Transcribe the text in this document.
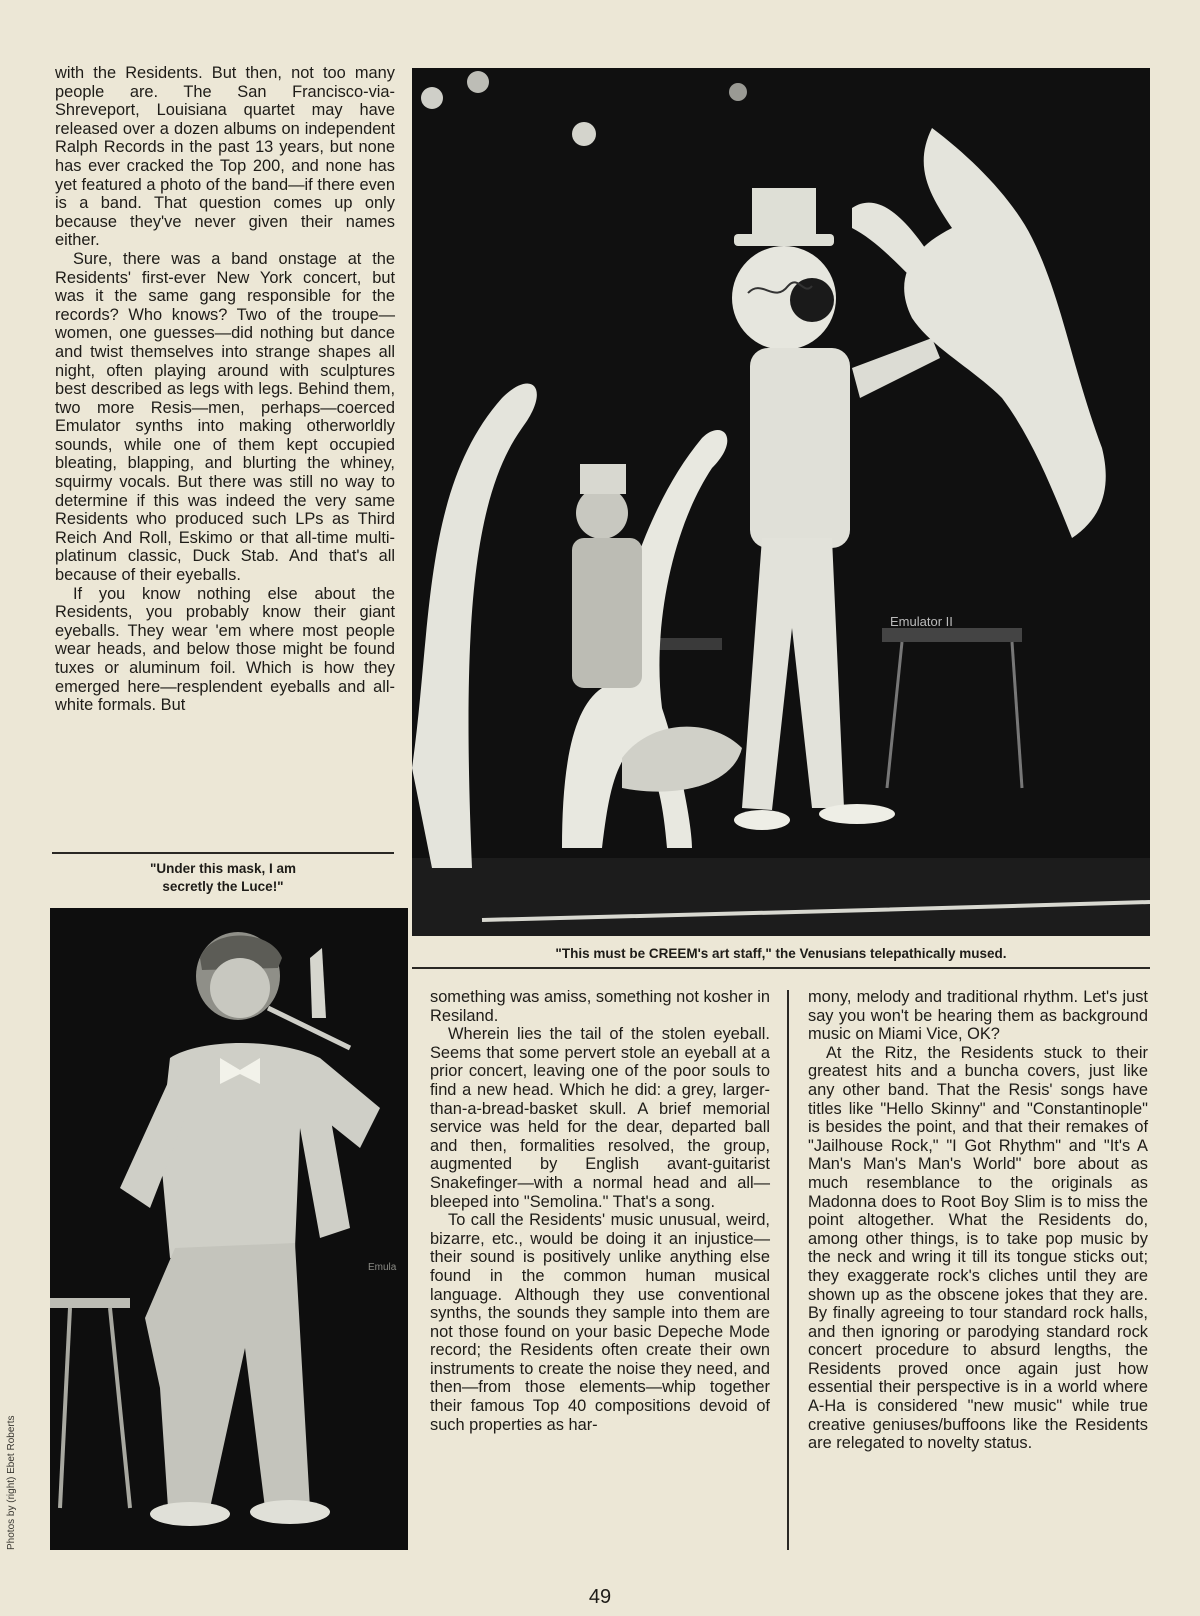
with the Residents. But then, not too many people are. The San Francisco-via-Shreveport, Louisiana quartet may have released over a dozen albums on independent Ralph Records in the past 13 years, but none has ever cracked the Top 200, and none has yet featured a photo of the band—if there even is a band. That question comes up only because they've never given their names either.

Sure, there was a band onstage at the Residents' first-ever New York concert, but was it the same gang responsible for the records? Who knows? Two of the troupe—women, one guesses—did nothing but dance and twist themselves into strange shapes all night, often playing around with sculptures best described as legs with legs. Behind them, two more Resis—men, perhaps—coerced Emulator synths into making otherworldly sounds, while one of them kept occupied bleating, blapping, and blurting the whiney, squirmy vocals. But there was still no way to determine if this was indeed the very same Residents who produced such LPs as Third Reich And Roll, Eskimo or that all-time multi-platinum classic, Duck Stab. And that's all because of their eyeballs.

If you know nothing else about the Residents, you probably know their giant eyeballs. They wear 'em where most people wear heads, and below those might be found tuxes or aluminum foil. Which is how they emerged here—resplendent eyeballs and all-white formals. But

"Under this mask, I am
secretly the Luce!"
Emulator II
"This must be CREEM's art staff," the Venusians telepathically mused.
Emula

something was amiss, something not kosher in Resiland.

Wherein lies the tail of the stolen eyeball. Seems that some pervert stole an eyeball at a prior concert, leaving one of the poor souls to find a new head. Which he did: a grey, larger-than-a-bread-basket skull. A brief memorial service was held for the dear, departed ball and then, formalities resolved, the group, augmented by English avant-guitarist Snakefinger—with a normal head and all—bleeped into "Semolina." That's a song.

To call the Residents' music unusual, weird, bizarre, etc., would be doing it an injustice—their sound is positively unlike anything else found in the common human musical language. Although they use conventional synths, the sounds they sample into them are not those found on your basic Depeche Mode record; the Residents often create their own instruments to create the noise they need, and then—from those elements—whip together their famous Top 40 compositions devoid of such properties as har-

mony, melody and traditional rhythm. Let's just say you won't be hearing them as background music on Miami Vice, OK?

At the Ritz, the Residents stuck to their greatest hits and a buncha covers, just like any other band. That the Resis' songs have titles like "Hello Skinny" and "Constantinople" is besides the point, and that their remakes of "Jailhouse Rock," "I Got Rhythm" and "It's A Man's Man's Man's World" bore about as much resemblance to the originals as Madonna does to Root Boy Slim is to miss the point altogether. What the Residents do, among other things, is to take pop music by the neck and wring it till its tongue sticks out; they exaggerate rock's cliches until they are shown up as the obscene jokes that they are. By finally agreeing to tour standard rock halls, and then ignoring or parodying standard rock concert procedure to absurd lengths, the Residents proved once again just how essential their perspective is in a world where A-Ha is considered "new music" while true creative geniuses/buffoons like the Residents are relegated to novelty status.

Photos by (right) Ebet Roberts
49
